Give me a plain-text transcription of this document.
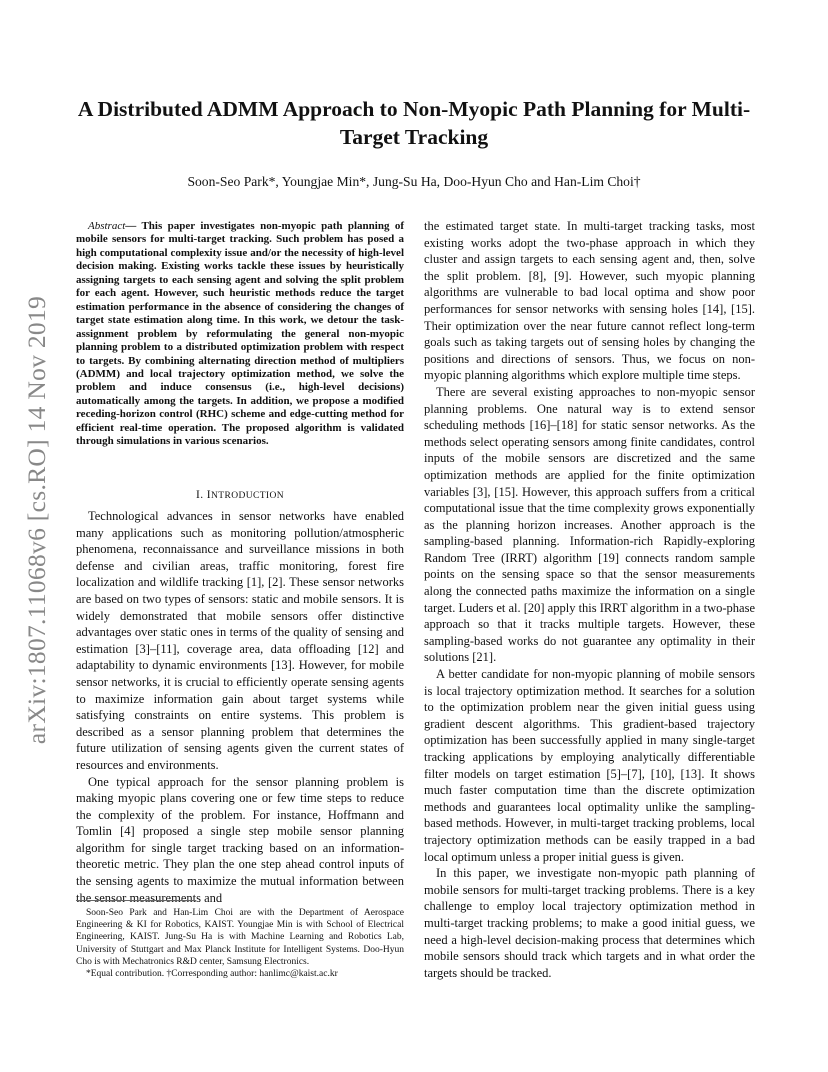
arXiv:1807.11068v6 [cs.RO] 14 Nov 2019
A Distributed ADMM Approach to Non-Myopic Path Planning for Multi-Target Tracking
Soon-Seo Park*, Youngjae Min*, Jung-Su Ha, Doo-Hyun Cho and Han-Lim Choi†

Abstract— This paper investigates non-myopic path planning of mobile sensors for multi-target tracking. Such problem has posed a high computational complexity issue and/or the necessity of high-level decision making. Existing works tackle these issues by heuristically assigning targets to each sensing agent and solving the split problem for each agent. However, such heuristic methods reduce the target estimation performance in the absence of considering the changes of target state estimation along time. In this work, we detour the task-assignment problem by reformulating the general non-myopic planning problem to a distributed optimization problem with respect to targets. By combining alternating direction method of multipliers (ADMM) and local trajectory optimization method, we solve the problem and induce consensus (i.e., high-level decisions) automatically among the targets. In addition, we propose a modified receding-horizon control (RHC) scheme and edge-cutting method for efficient real-time operation. The proposed algorithm is validated through simulations in various scenarios.

I. INTRODUCTION

Technological advances in sensor networks have enabled many applications such as monitoring pollution/atmospheric phenomena, reconnaissance and surveillance missions in both defense and civilian areas, traffic monitoring, forest fire localization and wildlife tracking [1], [2]. These sensor networks are based on two types of sensors: static and mobile sensors. It is widely demonstrated that mobile sensors offer distinctive advantages over static ones in terms of the quality of sensing and estimation [3]–[11], coverage area, data offloading [12] and adaptability to dynamic environments [13]. However, for mobile sensor networks, it is crucial to efficiently operate sensing agents to maximize information gain about target systems while satisfying constraints on entire systems. This problem is described as a sensor planning problem that determines the future utilization of sensing agents given the current states of resources and environments.

One typical approach for the sensor planning problem is making myopic plans covering one or few time steps to reduce the complexity of the problem. For instance, Hoffmann and Tomlin [4] proposed a single step mobile sensor planning algorithm for single target tracking based on an information-theoretic metric. They plan the one step ahead control inputs of the sensing agents to maximize the mutual information between the sensor measurements and

Soon-Seo Park and Han-Lim Choi are with the Department of Aerospace Engineering & KI for Robotics, KAIST. Youngjae Min is with School of Electrical Engineering, KAIST. Jung-Su Ha is with Machine Learning and Robotics Lab, University of Stuttgart and Max Planck Institute for Intelligent Systems. Doo-Hyun Cho is with Mechatronics R&D center, Samsung Electronics.

*Equal contribution. †Corresponding author: hanlimc@kaist.ac.kr

the estimated target state. In multi-target tracking tasks, most existing works adopt the two-phase approach in which they cluster and assign targets to each sensing agent and, then, solve the split problem. [8], [9]. However, such myopic planning algorithms are vulnerable to bad local optima and show poor performances for sensor networks with sensing holes [14], [15]. Their optimization over the near future cannot reflect long-term goals such as taking targets out of sensing holes by changing the positions and directions of sensors. Thus, we focus on non-myopic planning algorithms which explore multiple time steps.

There are several existing approaches to non-myopic sensor planning problems. One natural way is to extend sensor scheduling methods [16]–[18] for static sensor networks. As the methods select operating sensors among finite candidates, control inputs of the mobile sensors are discretized and the same optimization methods are applied for the finite optimization variables [3], [15]. However, this approach suffers from a critical computational issue that the time complexity grows exponentially as the planning horizon increases. Another approach is the sampling-based planning. Information-rich Rapidly-exploring Random Tree (IRRT) algorithm [19] connects random sample points on the sensing space so that the sensor measurements along the connected paths maximize the information on a single target. Luders et al. [20] apply this IRRT algorithm in a two-phase approach so that it tracks multiple targets. However, these sampling-based works do not guarantee any optimality in their solutions [21].

A better candidate for non-myopic planning of mobile sensors is local trajectory optimization method. It searches for a solution to the optimization problem near the given initial guess using gradient descent algorithms. This gradient-based trajectory optimization has been successfully applied in many single-target tracking applications by employing analytically differentiable filter models on target estimation [5]–[7], [10], [13]. It shows much faster computation time than the discrete optimization methods and guarantees local optimality unlike the sampling-based methods. However, in multi-target tracking problems, local trajectory optimization methods can be easily trapped in a bad local optimum unless a proper initial guess is given.

In this paper, we investigate non-myopic path planning of mobile sensors for multi-target tracking problems. There is a key challenge to employ local trajectory optimization method in multi-target tracking problems; to make a good initial guess, we need a high-level decision-making process that determines which mobile sensors should track which targets and in what order the targets should be tracked.
